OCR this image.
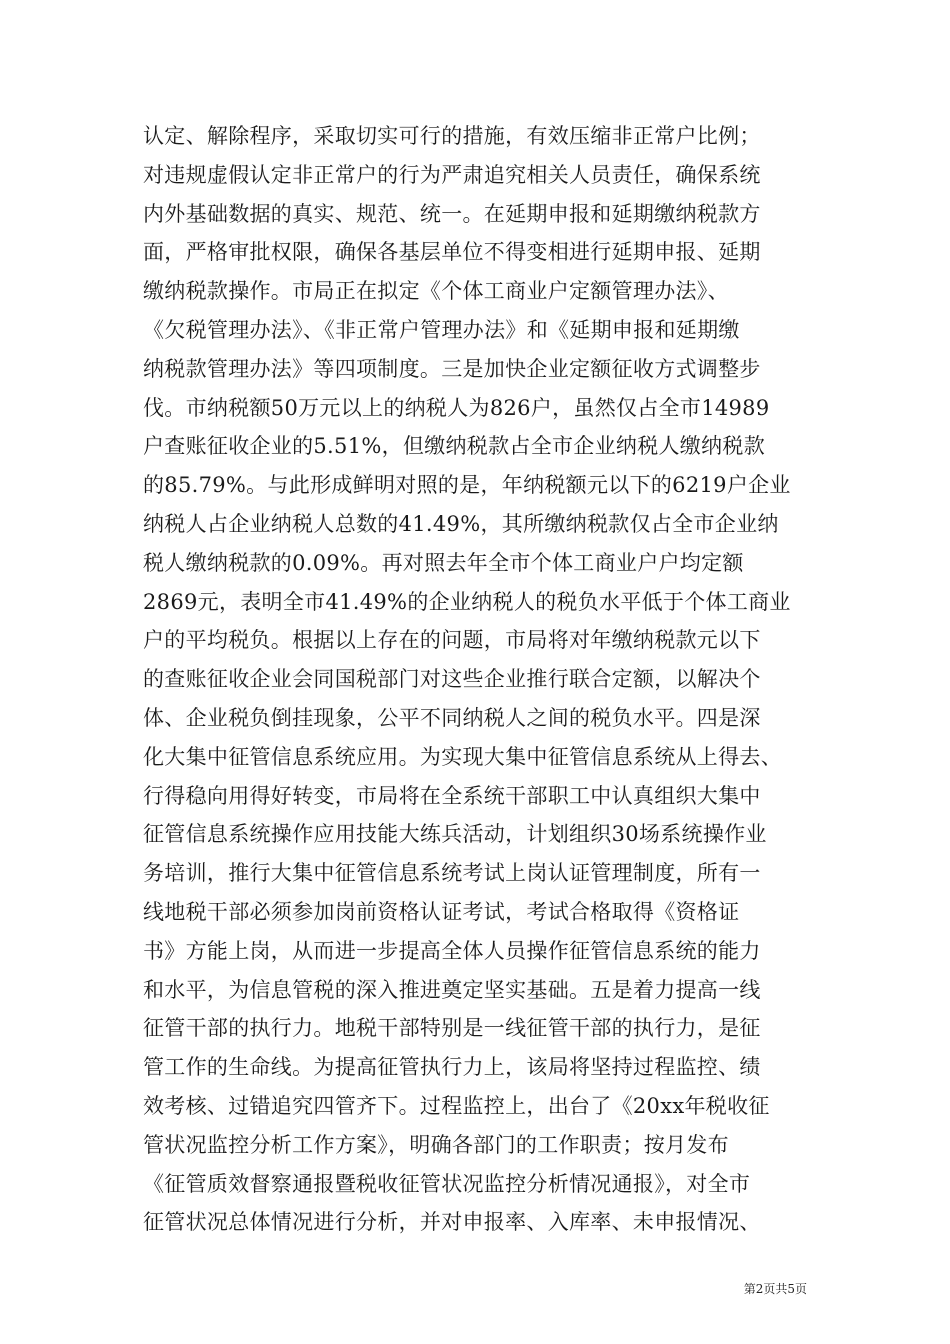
认定、解除程序，采取切实可行的措施，有效压缩非正常户比例；
对违规虚假认定非正常户的行为严肃追究相关人员责任，确保系统
内外基础数据的真实、规范、统一。在延期申报和延期缴纳税款方
面，严格审批权限，确保各基层单位不得变相进行延期申报、延期
缴纳税款操作。市局正在拟定《个体工商业户定额管理办法》、
《欠税管理办法》、《非正常户管理办法》和《延期申报和延期缴
纳税款管理办法》等四项制度。三是加快企业定额征收方式调整步
伐。市纳税额50万元以上的纳税人为826户，虽然仅占全市14989
户查账征收企业的5.51%，但缴纳税款占全市企业纳税人缴纳税款
的85.79%。与此形成鲜明对照的是，年纳税额元以下的6219户企业
纳税人占企业纳税人总数的41.49%，其所缴纳税款仅占全市企业纳
税人缴纳税款的0.09%。再对照去年全市个体工商业户户均定额
2869元，表明全市41.49%的企业纳税人的税负水平低于个体工商业
户的平均税负。根据以上存在的问题，市局将对年缴纳税款元以下
的查账征收企业会同国税部门对这些企业推行联合定额，以解决个
体、企业税负倒挂现象，公平不同纳税人之间的税负水平。四是深
化大集中征管信息系统应用。为实现大集中征管信息系统从上得去、
行得稳向用得好转变，市局将在全系统干部职工中认真组织大集中
征管信息系统操作应用技能大练兵活动，计划组织30场系统操作业
务培训，推行大集中征管信息系统考试上岗认证管理制度，所有一
线地税干部必须参加岗前资格认证考试，考试合格取得《资格证
书》方能上岗，从而进一步提高全体人员操作征管信息系统的能力
和水平，为信息管税的深入推进奠定坚实基础。五是着力提高一线
征管干部的执行力。地税干部特别是一线征管干部的执行力，是征
管工作的生命线。为提高征管执行力上，该局将坚持过程监控、绩
效考核、过错追究四管齐下。过程监控上，出台了《20xx年税收征
管状况监控分析工作方案》，明确各部门的工作职责；按月发布
《征管质效督察通报暨税收征管状况监控分析情况通报》，对全市
征管状况总体情况进行分析，并对申报率、入库率、未申报情况、
第2页共5页
